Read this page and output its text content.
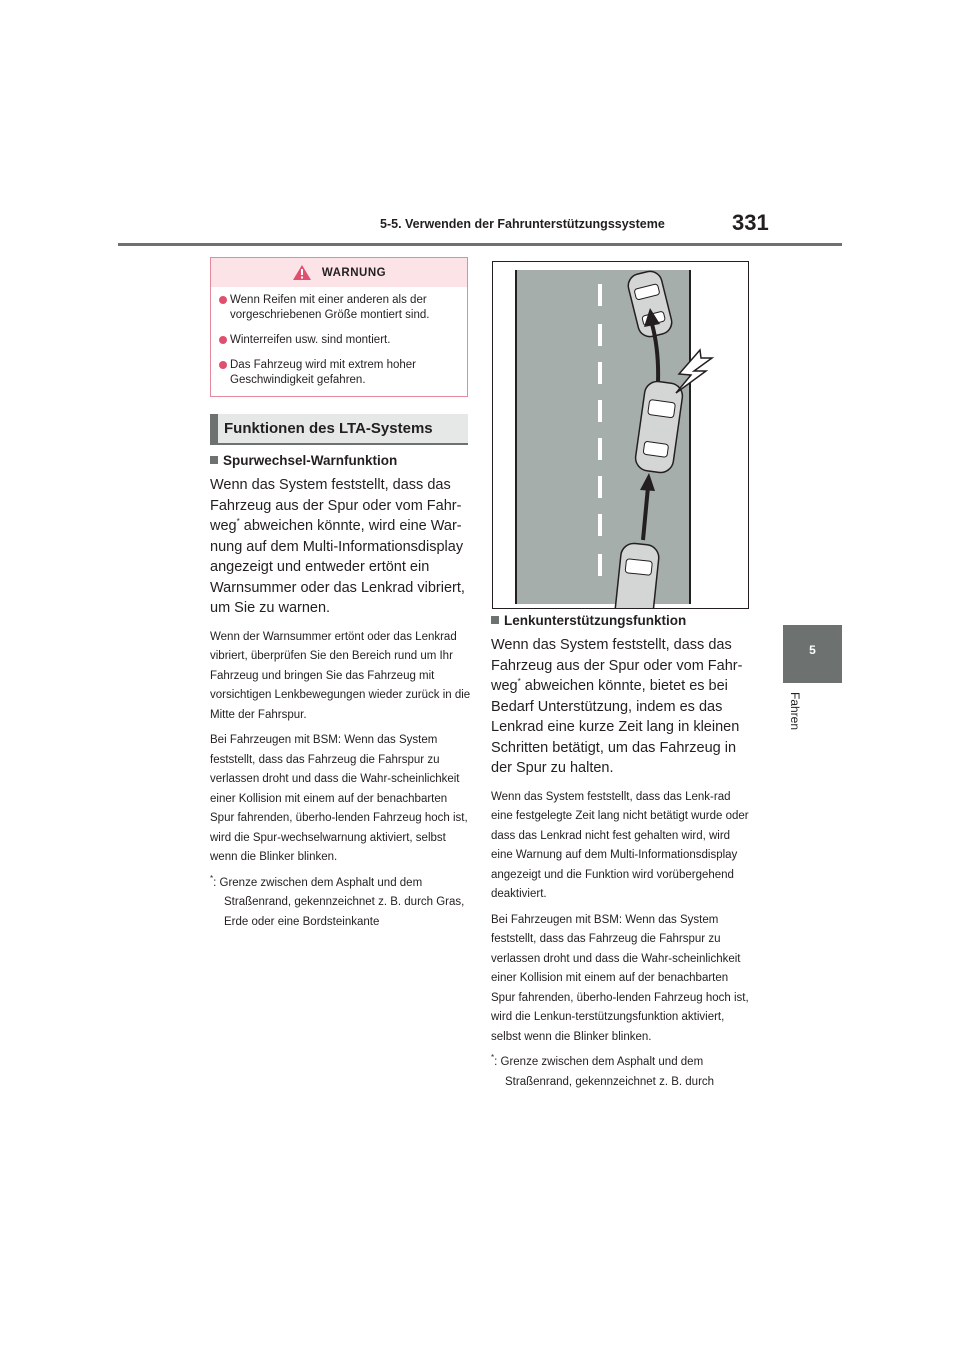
5-5. Verwenden der Fahrunterstützungssysteme	331
5
Fahren
WARNUNG
Wenn Reifen mit einer anderen als der vorgeschriebenen Größe montiert sind.
Winterreifen usw. sind montiert.
Das Fahrzeug wird mit extrem hoher Geschwindigkeit gefahren.
Funktionen des LTA-Systems

Spurwechsel-Warnfunktion

Wenn das System feststellt, dass das Fahrzeug aus der Spur oder vom Fahr-weg* abweichen könnte, wird eine War-nung auf dem Multi-Informationsdisplay angezeigt und entweder ertönt ein Warnsummer oder das Lenkrad vibriert, um Sie zu warnen.

Wenn der Warnsummer ertönt oder das Lenkrad vibriert, überprüfen Sie den Bereich rund um Ihr Fahrzeug und bringen Sie das Fahrzeug mit vorsichtigen Lenkbewegungen wieder zurück in die Mitte der Fahrspur.

Bei Fahrzeugen mit BSM: Wenn das System feststellt, dass das Fahrzeug die Fahrspur zu verlassen droht und dass die Wahr-scheinlichkeit einer Kollision mit einem auf der benachbarten Spur fahrenden, überho-lenden Fahrzeug hoch ist, wird die Spur-wechselwarnung aktiviert, selbst wenn die Blinker blinken.

*: Grenze zwischen dem Asphalt und dem Straßenrand, gekennzeichnet z. B. durch Gras, Erde oder eine Bordsteinkante

Lenkunterstützungsfunktion

Wenn das System feststellt, dass das Fahrzeug aus der Spur oder vom Fahr-weg* abweichen könnte, bietet es bei Bedarf Unterstützung, indem es das Lenkrad eine kurze Zeit lang in kleinen Schritten betätigt, um das Fahrzeug in der Spur zu halten.

Wenn das System feststellt, dass das Lenk-rad eine festgelegte Zeit lang nicht betätigt wurde oder dass das Lenkrad nicht fest gehalten wird, wird eine Warnung auf dem Multi-Informationsdisplay angezeigt und die Funktion wird vorübergehend deaktiviert.

Bei Fahrzeugen mit BSM: Wenn das System feststellt, dass das Fahrzeug die Fahrspur zu verlassen droht und dass die Wahr-scheinlichkeit einer Kollision mit einem auf der benachbarten Spur fahrenden, überho-lenden Fahrzeug hoch ist, wird die Lenkun-terstützungsfunktion aktiviert, selbst wenn die Blinker blinken.

*: Grenze zwischen dem Asphalt und dem Straßenrand, gekennzeichnet z. B. durch
